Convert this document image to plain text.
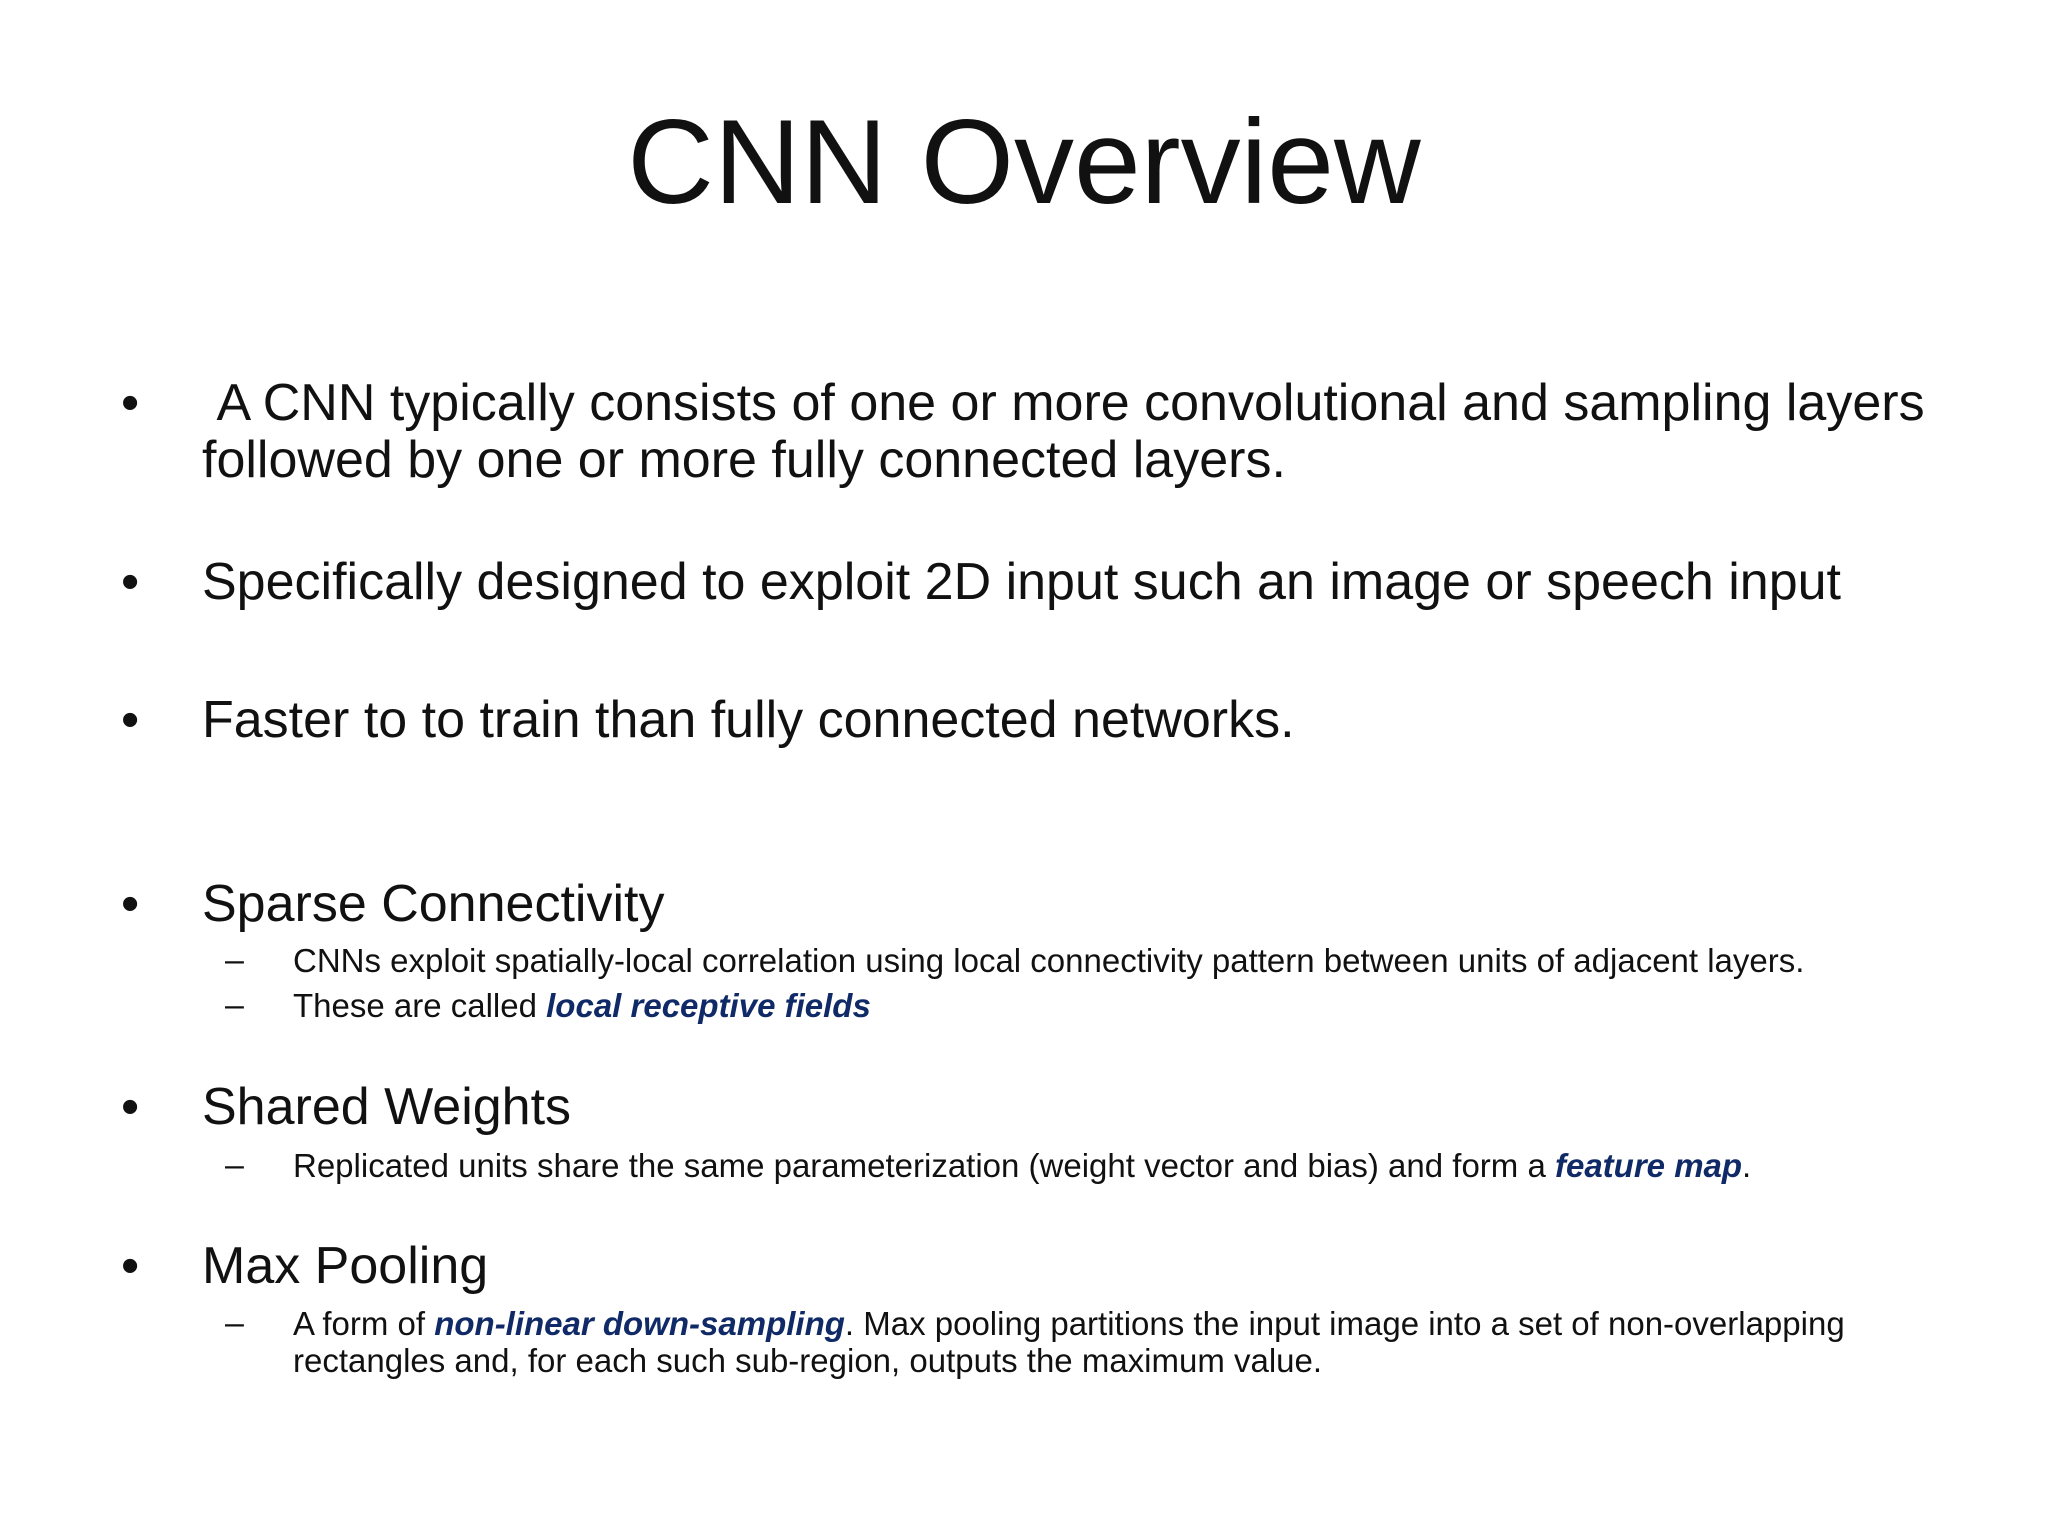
CNN Overview
• A CNN typically consists of one or more convolutional and sampling layers followed by one or more fully connected layers.
• Specifically designed to exploit 2D input such an image or speech input
• Faster to to train than fully connected networks.
• Sparse Connectivity
– CNNs exploit spatially-local correlation using local connectivity pattern between units of adjacent layers.
– These are called local receptive fields
• Shared Weights
– Replicated units share the same parameterization (weight vector and bias) and form a feature map.
• Max Pooling
– A form of non-linear down-sampling. Max pooling partitions the input image into a set of non-overlapping rectangles and, for each such sub-region, outputs the maximum value.
